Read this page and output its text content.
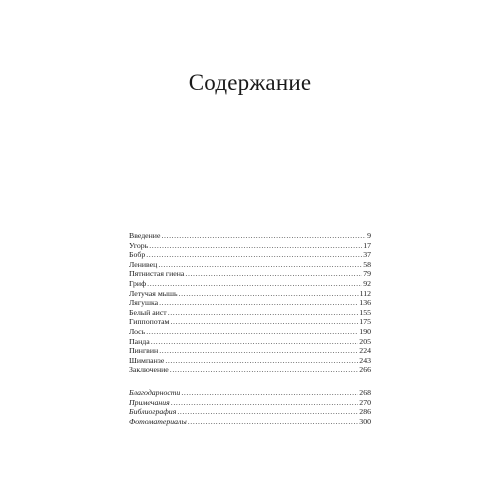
Содержание
Введение .....	9
Угорь .....	17
Бобр .....	37
Ленивец .....	58
Пятнистая гиена .....	79
Гриф .....	92
Летучая мышь .....	112
Лягушка .....	136
Белый аист .....	155
Гиппопотам .....	175
Лось .....	190
Панда .....	205
Пингвин .....	224
Шимпанзе .....	243
Заключение .....	266
Благодарности .....	268
Примечания .....	270
Библиография .....	286
Фотоматериалы .....	300
